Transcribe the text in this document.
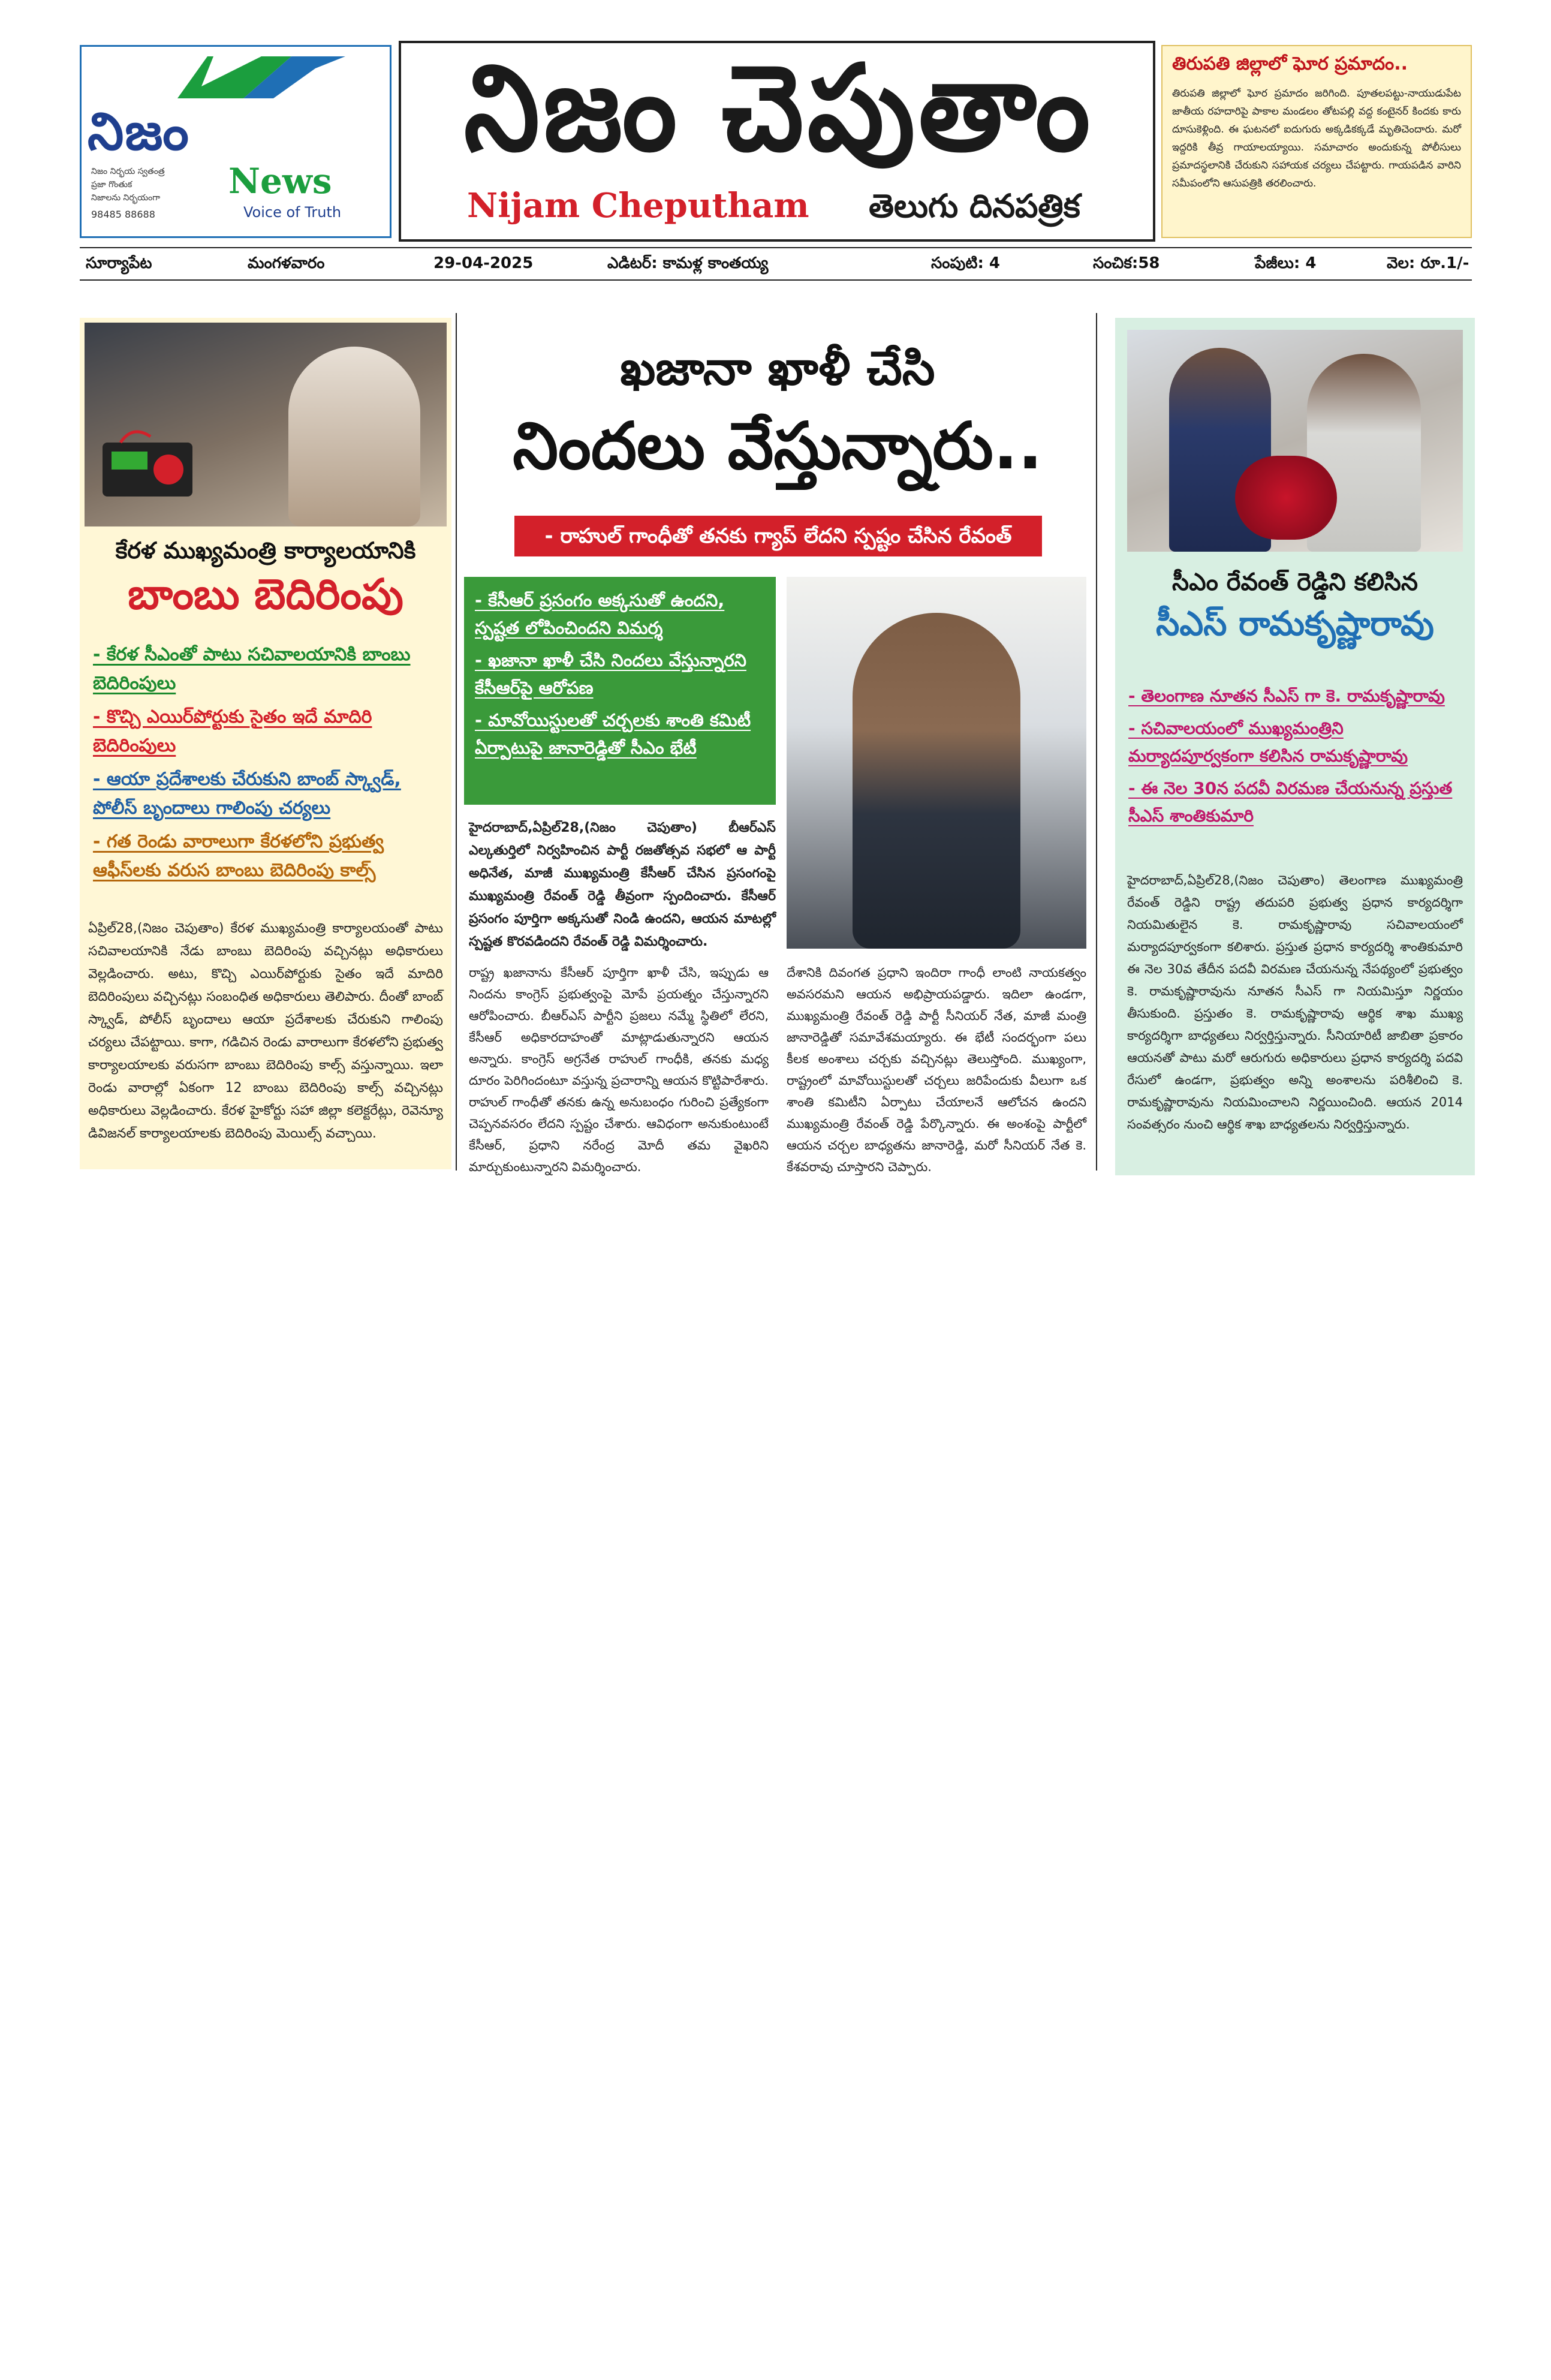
నిజం
News
Voice of Truth
నిజం నిర్భయ స్వతంత్ర
ప్రజా గొంతుక
నిజాలను నిర్భయంగా
98485 88688
నిజం చెపుతాం
Nijam Cheputham తెలుగు దినపత్రిక
తిరుపతి జిల్లాలో ఘోర ప్రమాదం..

తిరుపతి జిల్లాలో ఘోర ప్రమాదం జరిగింది. పూతలపట్టు-నాయుడుపేట జాతీయ రహదారిపై పాకాల మండలం తోటపల్లి వద్ద కంటైనర్ కిందకు కారు దూసుకెళ్లింది. ఈ ఘటనలో ఐదుగురు అక్కడికక్కడే మృతిచెందారు. మరో ఇద్దరికి తీవ్ర గాయాలయ్యాయి. సమాచారం అందుకున్న పోలీసులు ప్రమాదస్థలానికి చేరుకుని సహాయక చర్యలు చేపట్టారు. గాయపడిన వారిని సమీపంలోని ఆసుపత్రికి తరలించారు.

సూర్యాపేట	మంగళవారం	29-04-2025	ఎడిటర్: కామళ్ల కాంతయ్య	సంపుటి: 4	సంచిక:58	పేజీలు: 4	వెల: రూ.1/-
కేరళ ముఖ్యమంత్రి కార్యాలయానికి
బాంబు బెదిరింపు

- కేరళ సీఎంతో పాటు సచివాలయానికి బాంబు బెదిరింపులు

- కొచ్చి ఎయిర్‌పోర్టుకు సైతం ఇదే మాదిరి బెదిరింపులు

- ఆయా ప్రదేశాలకు చేరుకుని బాంబ్ స్క్వాడ్, పోలీస్ బృందాలు గాలింపు చర్యలు

- గత రెండు వారాలుగా కేరళలోని ప్రభుత్వ ఆఫీస్‌లకు వరుస బాంబు బెదిరింపు కాల్స్

ఏప్రిల్28,(నిజం చెపుతాం) కేరళ ముఖ్యమంత్రి కార్యాలయంతో పాటు సచివాలయానికి నేడు బాంబు బెదిరింపు వచ్చినట్లు అధికారులు వెల్లడించారు. అటు, కొచ్చి ఎయిర్‌పోర్టుకు సైతం ఇదే మాదిరి బెదిరింపులు వచ్చినట్లు సంబంధిత అధికారులు తెలిపారు. దీంతో బాంబ్ స్క్వాడ్, పోలీస్ బృందాలు ఆయా ప్రదేశాలకు చేరుకుని గాలింపు చర్యలు చేపట్టాయి. కాగా, గడిచిన రెండు వారాలుగా కేరళలోని ప్రభుత్వ కార్యాలయాలకు వరుసగా బాంబు బెదిరింపు కాల్స్ వస్తున్నాయి. ఇలా రెండు వారాల్లో ఏకంగా 12 బాంబు బెదిరింపు కాల్స్ వచ్చినట్లు అధికారులు వెల్లడించారు. కేరళ హైకోర్టు సహా జిల్లా కలెక్టరేట్లు, రెవెన్యూ డివిజనల్ కార్యాలయాలకు బెదిరింపు మెయిల్స్ వచ్చాయి.

ఖజానా ఖాళీ చేసి
నిందలు వేస్తున్నారు..
- రాహుల్ గాంధీతో తనకు గ్యాప్ లేదని స్పష్టం చేసిన రేవంత్

- కేసీఆర్ ప్రసంగం అక్కసుతో ఉందని, స్పష్టత లోపించిందని విమర్శ

- ఖజానా ఖాళీ చేసి నిందలు వేస్తున్నారని కేసీఆర్‌పై ఆరోపణ

- మావోయిస్టులతో చర్చలకు శాంతి కమిటీ ఏర్పాటుపై జానారెడ్డితో సీఎం భేటీ

హైదరాబాద్,ఏప్రిల్28,(నిజం చెపుతాం) బీఆర్ఎస్ ఎల్కతుర్తిలో నిర్వహించిన పార్టీ రజతోత్సవ సభలో ఆ పార్టీ అధినేత, మాజీ ముఖ్యమంత్రి కేసీఆర్ చేసిన ప్రసంగంపై ముఖ్యమంత్రి రేవంత్ రెడ్డి తీవ్రంగా స్పందించారు. కేసీఆర్ ప్రసంగం పూర్తిగా అక్కసుతో నిండి ఉందని, ఆయన మాటల్లో స్పష్టత కొరవడిందని రేవంత్ రెడ్డి విమర్శించారు.

రాష్ట్ర ఖజానాను కేసీఆర్ పూర్తిగా ఖాళీ చేసి, ఇప్పుడు ఆ నిందను కాంగ్రెస్ ప్రభుత్వంపై మోపే ప్రయత్నం చేస్తున్నారని ఆరోపించారు. బీఆర్ఎస్ పార్టీని ప్రజలు నమ్మే స్థితిలో లేరని, కేసీఆర్ అధికారదాహంతో మాట్లాడుతున్నారని ఆయన అన్నారు. కాంగ్రెస్ అగ్రనేత రాహుల్ గాంధీకి, తనకు మధ్య దూరం పెరిగిందంటూ వస్తున్న ప్రచారాన్ని ఆయన కొట్టిపారేశారు. రాహుల్ గాంధీతో తనకు ఉన్న అనుబంధం గురించి ప్రత్యేకంగా చెప్పనవసరం లేదని స్పష్టం చేశారు. ఆవిధంగా అనుకుంటుంటే కేసీఆర్, ప్రధాని నరేంద్ర మోదీ తమ వైఖరిని మార్చుకుంటున్నారని విమర్శించారు.

దేశానికి దివంగత ప్రధాని ఇందిరా గాంధీ లాంటి నాయకత్వం అవసరమని ఆయన అభిప్రాయపడ్డారు. ఇదిలా ఉండగా, ముఖ్యమంత్రి రేవంత్ రెడ్డి పార్టీ సీనియర్ నేత, మాజీ మంత్రి జానారెడ్డితో సమావేశమయ్యారు. ఈ భేటీ సందర్భంగా పలు కీలక అంశాలు చర్చకు వచ్చినట్లు తెలుస్తోంది. ముఖ్యంగా, రాష్ట్రంలో మావోయిస్టులతో చర్చలు జరిపేందుకు వీలుగా ఒక శాంతి కమిటీని ఏర్పాటు చేయాలనే ఆలోచన ఉందని ముఖ్యమంత్రి రేవంత్ రెడ్డి పేర్కొన్నారు. ఈ అంశంపై పార్టీలో ఆయన చర్చల బాధ్యతను జానారెడ్డి, మరో సీనియర్ నేత కె. కేశవరావు చూస్తారని చెప్పారు.

సీఎం రేవంత్ రెడ్డిని కలిసిన
సీఎస్ రామకృష్ణారావు

- తెలంగాణ నూతన సీఎస్ గా కె. రామకృష్ణారావు

- సచివాలయంలో ముఖ్యమంత్రిని మర్యాదపూర్వకంగా కలిసిన రామకృష్ణారావు

- ఈ నెల 30న పదవీ విరమణ చేయనున్న ప్రస్తుత సీఎస్ శాంతికుమారి

హైదరాబాద్,ఏప్రిల్28,(నిజం చెపుతాం) తెలంగాణ ముఖ్యమంత్రి రేవంత్ రెడ్డిని రాష్ట్ర తదుపరి ప్రభుత్వ ప్రధాన కార్యదర్శిగా నియమితులైన కె. రామకృష్ణారావు సచివాలయంలో మర్యాదపూర్వకంగా కలిశారు. ప్రస్తుత ప్రధాన కార్యదర్శి శాంతికుమారి ఈ నెల 30వ తేదీన పదవీ విరమణ చేయనున్న నేపథ్యంలో ప్రభుత్వం కె. రామకృష్ణారావును నూతన సీఎస్ గా నియమిస్తూ నిర్ణయం తీసుకుంది. ప్రస్తుతం కె. రామకృష్ణారావు ఆర్థిక శాఖ ముఖ్య కార్యదర్శిగా బాధ్యతలు నిర్వర్తిస్తున్నారు. సీనియారిటీ జాబితా ప్రకారం ఆయనతో పాటు మరో ఆరుగురు అధికారులు ప్రధాన కార్యదర్శి పదవి రేసులో ఉండగా, ప్రభుత్వం అన్ని అంశాలను పరిశీలించి కె. రామకృష్ణారావును నియమించాలని నిర్ణయించింది. ఆయన 2014 సంవత్సరం నుంచి ఆర్థిక శాఖ బాధ్యతలను నిర్వర్తిస్తున్నారు.
